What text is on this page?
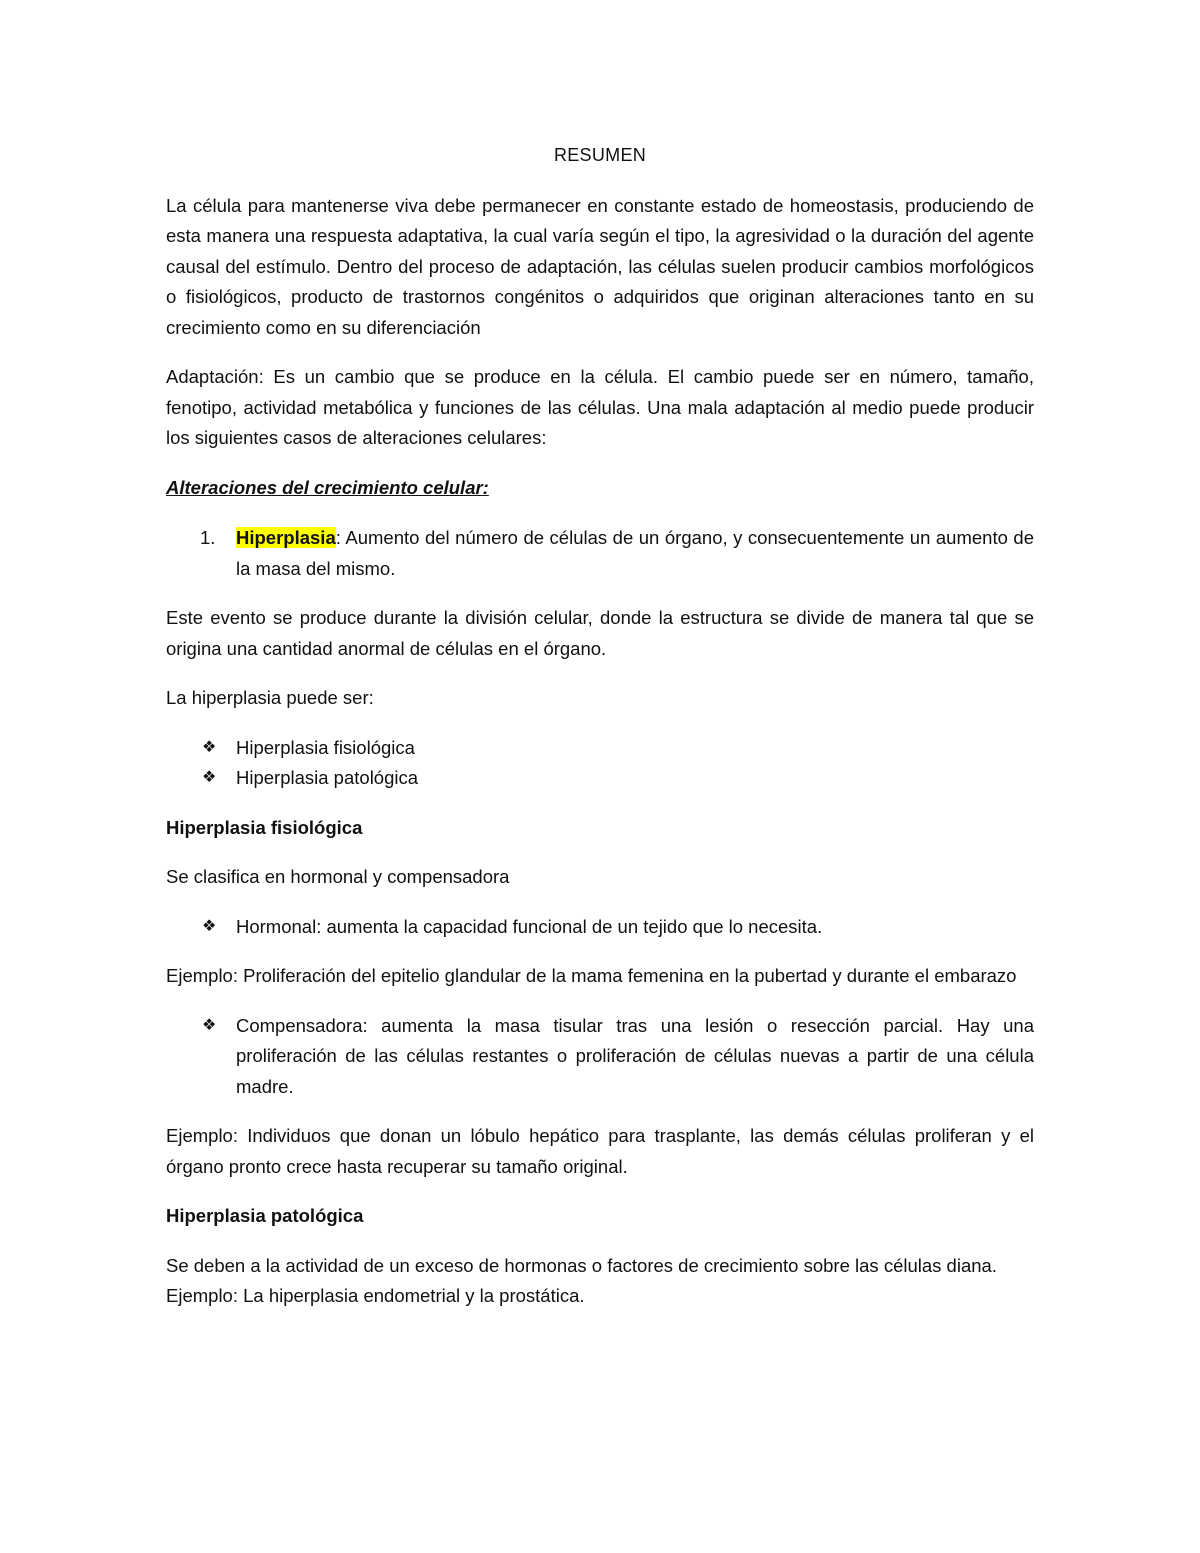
RESUMEN

La célula para mantenerse viva debe permanecer en constante estado de homeostasis, produciendo de esta manera una respuesta adaptativa, la cual varía según el tipo, la agresividad o la duración del agente causal del estímulo. Dentro del proceso de adaptación, las células suelen producir cambios morfológicos o fisiológicos, producto de trastornos congénitos o adquiridos que originan alteraciones tanto en su crecimiento como en su diferenciación

Adaptación: Es un cambio que se produce en la célula. El cambio puede ser en número, tamaño, fenotipo, actividad metabólica y funciones de las células. Una mala adaptación al medio puede producir los siguientes casos de alteraciones celulares:

Alteraciones del crecimiento celular:
1.	Hiperplasia: Aumento del número de células de un órgano, y consecuentemente un aumento de la masa del mismo.

Este evento se produce durante la división celular, donde la estructura se divide de manera tal que se origina una cantidad anormal de células en el órgano.

La hiperplasia puede ser:

❖	Hiperplasia fisiológica
❖	Hiperplasia patológica
Hiperplasia fisiológica

Se clasifica en hormonal y compensadora

❖	Hormonal: aumenta la capacidad funcional de un tejido que lo necesita.

Ejemplo: Proliferación del epitelio glandular de la mama femenina en la pubertad y durante el embarazo

❖	Compensadora: aumenta la masa tisular tras una lesión o resección parcial. Hay una proliferación de las células restantes o proliferación de células nuevas a partir de una célula madre.

Ejemplo: Individuos que donan un lóbulo hepático para trasplante, las demás células proliferan y el órgano pronto crece hasta recuperar su tamaño original.

Hiperplasia patológica

Se deben a la actividad de un exceso de hormonas o factores de crecimiento sobre las células diana.
Ejemplo: La hiperplasia endometrial y la prostática.
